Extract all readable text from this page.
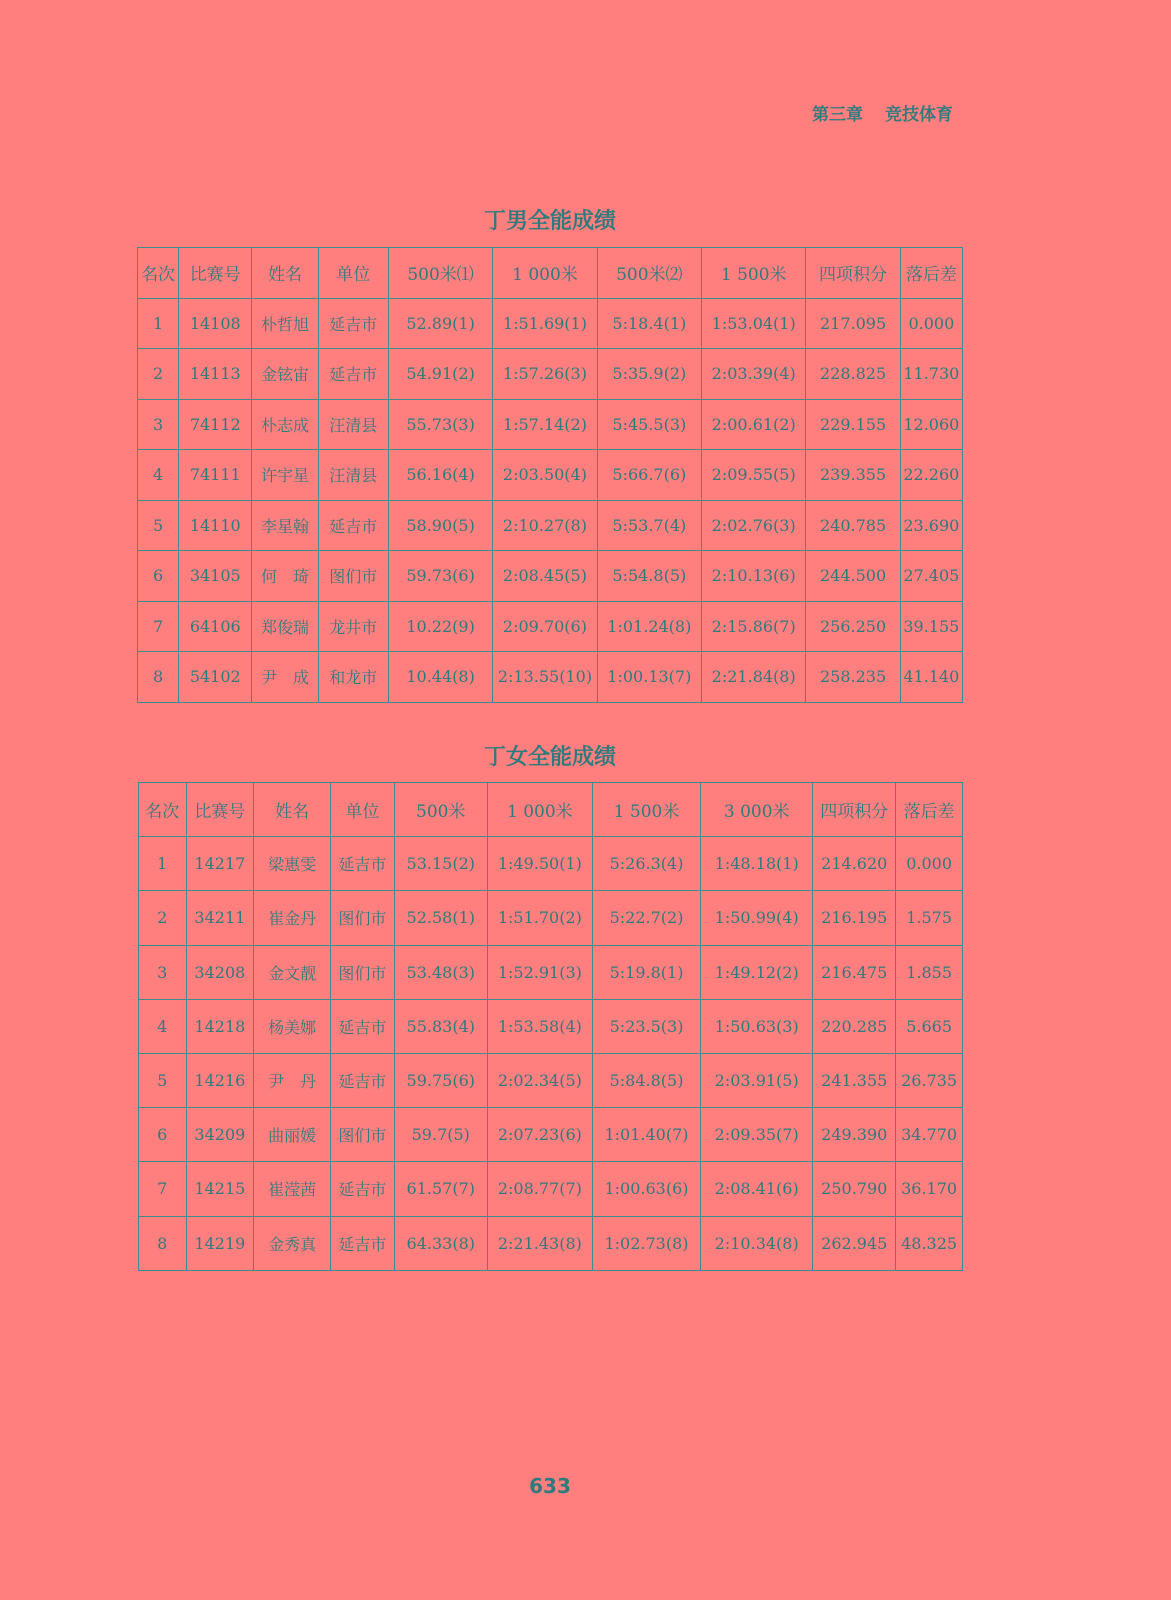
第三章 竞技体育
丁男全能成绩
名次	比赛号	姓名	单位	500米⑴	1 000米	500米⑵	1 500米	四项积分	落后差
1	14108	朴哲旭	延吉市	52.89(1)	1:51.69(1)	5:18.4(1)	1:53.04(1)	217.095	0.000
2	14113	金铉宙	延吉市	54.91(2)	1:57.26(3)	5:35.9(2)	2:03.39(4)	228.825	11.730
3	74112	朴志成	汪清县	55.73(3)	1:57.14(2)	5:45.5(3)	2:00.61(2)	229.155	12.060
4	74111	许宇星	汪清县	56.16(4)	2:03.50(4)	5:66.7(6)	2:09.55(5)	239.355	22.260
5	14110	李星翰	延吉市	58.90(5)	2:10.27(8)	5:53.7(4)	2:02.76(3)	240.785	23.690
6	34105	何　琦	图们市	59.73(6)	2:08.45(5)	5:54.8(5)	2:10.13(6)	244.500	27.405
7	64106	郑俊瑞	龙井市	10.22(9)	2:09.70(6)	1:01.24(8)	2:15.86(7)	256.250	39.155
8	54102	尹　成	和龙市	10.44(8)	2:13.55(10)	1:00.13(7)	2:21.84(8)	258.235	41.140
丁女全能成绩
名次	比赛号	姓名	单位	500米	1 000米	1 500米	3 000米	四项积分	落后差
1	14217	梁惠雯	延吉市	53.15(2)	1:49.50(1)	5:26.3(4)	1:48.18(1)	214.620	0.000
2	34211	崔金丹	图们市	52.58(1)	1:51.70(2)	5:22.7(2)	1:50.99(4)	216.195	1.575
3	34208	金文靓	图们市	53.48(3)	1:52.91(3)	5:19.8(1)	1:49.12(2)	216.475	1.855
4	14218	杨美娜	延吉市	55.83(4)	1:53.58(4)	5:23.5(3)	1:50.63(3)	220.285	5.665
5	14216	尹　丹	延吉市	59.75(6)	2:02.34(5)	5:84.8(5)	2:03.91(5)	241.355	26.735
6	34209	曲丽媛	图们市	59.7(5)	2:07.23(6)	1:01.40(7)	2:09.35(7)	249.390	34.770
7	14215	崔滢茜	延吉市	61.57(7)	2:08.77(7)	1:00.63(6)	2:08.41(6)	250.790	36.170
8	14219	金秀真	延吉市	64.33(8)	2:21.43(8)	1:02.73(8)	2:10.34(8)	262.945	48.325
633
